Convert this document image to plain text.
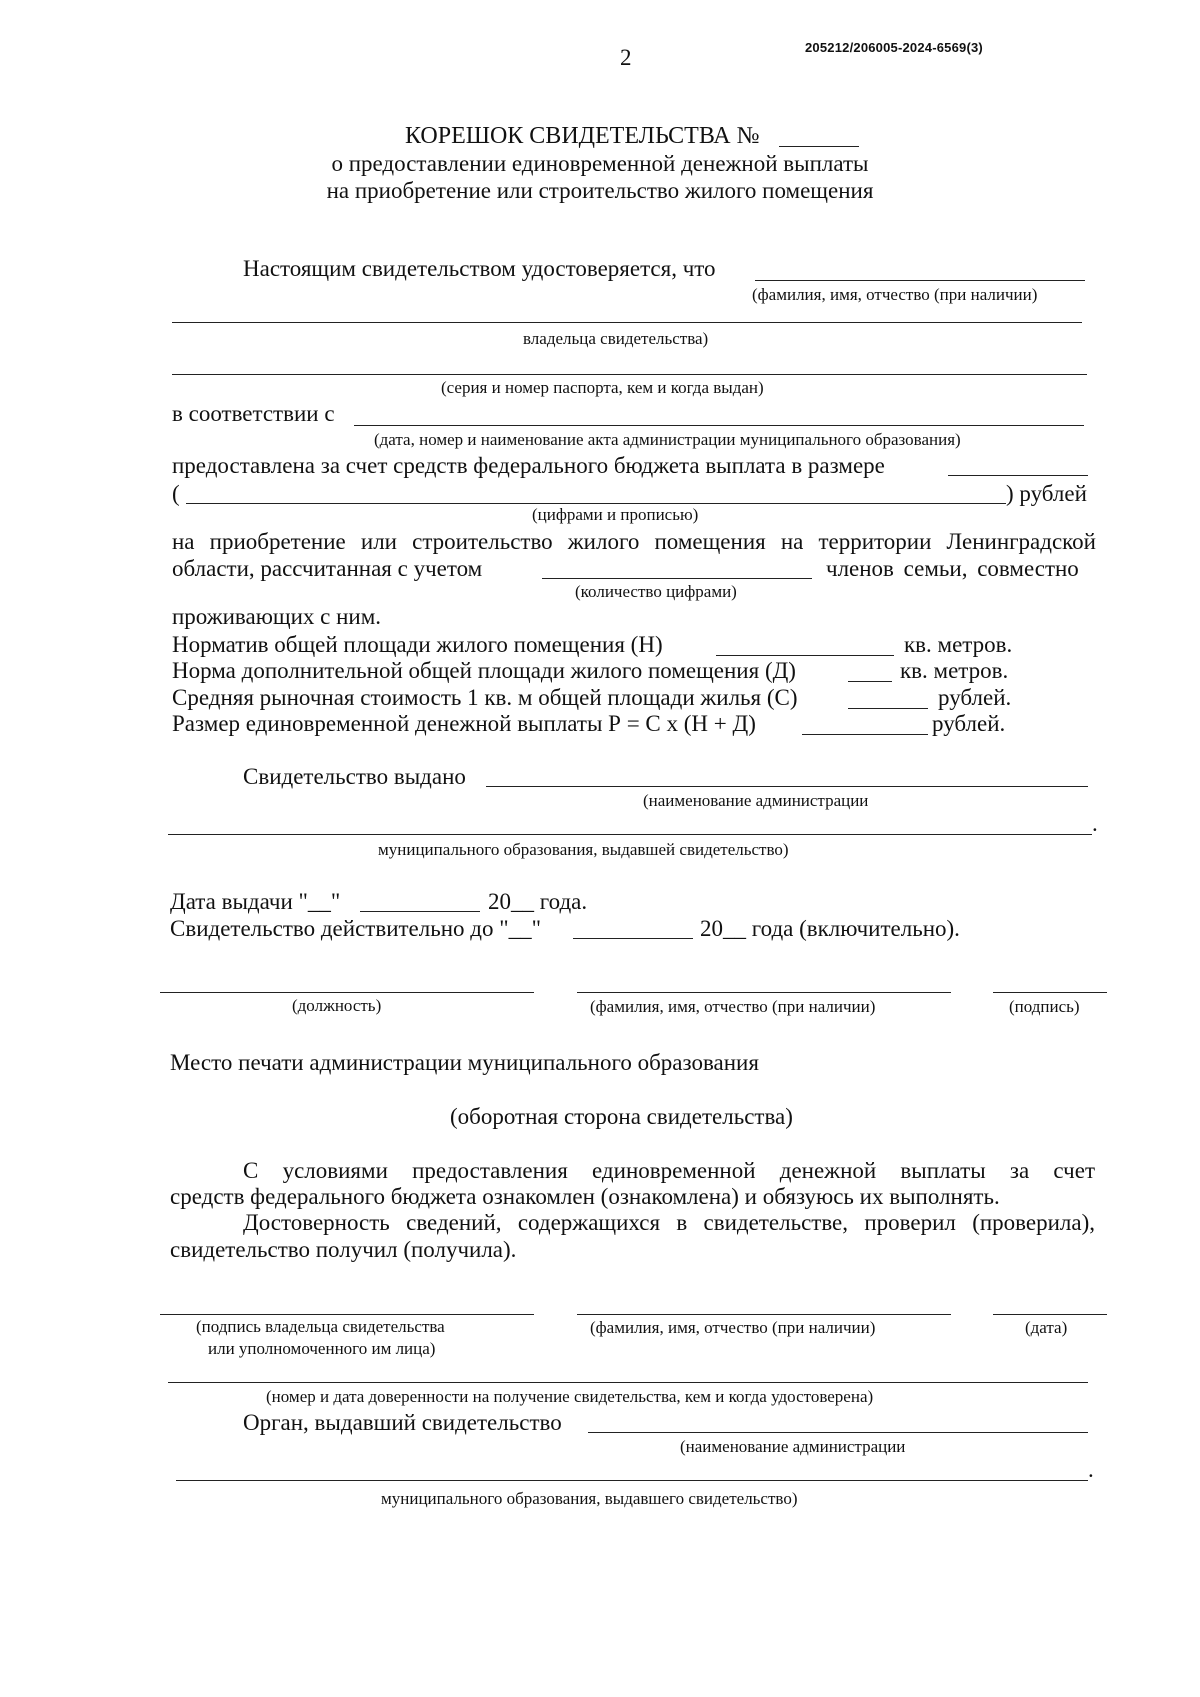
2	205212/206005-2024-6569(3)
КОРЕШОК СВИДЕТЕЛЬСТВА №
о предоставлении единовременной денежной выплаты
на приобретение или строительство жилого помещения
Настоящим свидетельством удостоверяется, что
(фамилия, имя, отчество (при наличии)
владельца свидетельства)
(серия и номер паспорта, кем и когда выдан)
в соответствии с
(дата, номер и наименование акта администрации муниципального образования)
предоставлена за счет средств федерального бюджета выплата в размере
(	) рублей
(цифрами и прописью)
на приобретение или строительство жилого помещения на территории Ленинградской
области, рассчитанная с учетом	членов семьи, совместно
(количество цифрами)
проживающих с ним.
Норматив общей площади жилого помещения (Н)	кв. метров.
Норма дополнительной общей площади жилого помещения (Д)	кв. метров.
Средняя рыночная стоимость 1 кв. м общей площади жилья (С)	рублей.
Размер единовременной денежной выплаты Р = С х (Н + Д)	рублей.
Свидетельство выдано
(наименование администрации
.
муниципального образования, выдавшей свидетельство)
Дата выдачи "__"	20__ года.
Свидетельство действительно до "__"	20__ года (включительно).
(должность)	(фамилия, имя, отчество (при наличии)	(подпись)
Место печати администрации муниципального образования
(оборотная сторона свидетельства)
С условиями предоставления единовременной денежной выплаты за счет
средств федерального бюджета ознакомлен (ознакомлена) и обязуюсь их выполнять.
Достоверность сведений, содержащихся в свидетельстве, проверил (проверила),
свидетельство получил (получила).
(подпись владельца свидетельства
или уполномоченного им лица)
(фамилия, имя, отчество (при наличии)	(дата)
(номер и дата доверенности на получение свидетельства, кем и когда удостоверена)
Орган, выдавший свидетельство
(наименование администрации
.
муниципального образования, выдавшего свидетельство)
